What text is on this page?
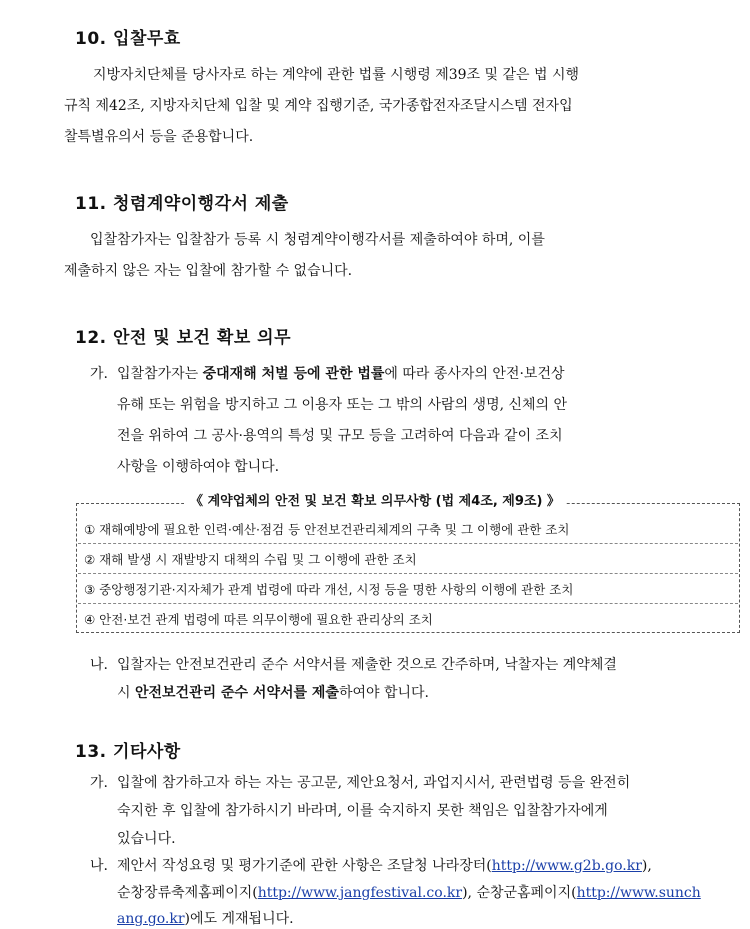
10. 입찰무효
지방자치단체를 당사자로 하는 계약에 관한 법률 시행령 제39조 및 같은 법 시행
규칙 제42조, 지방자치단체 입찰 및 계약 집행기준, 국가종합전자조달시스템 전자입
찰특별유의서 등을 준용합니다.
11. 청렴계약이행각서 제출
입찰참가자는 입찰참가 등록 시 청렴계약이행각서를 제출하여야 하며, 이를
제출하지 않은 자는 입찰에 참가할 수 없습니다.
12. 안전 및 보건 확보 의무
가. 입찰참가자는 중대재해 처벌 등에 관한 법률에 따라 종사자의 안전·보건상
유해 또는 위험을 방지하고 그 이용자 또는 그 밖의 사람의 생명, 신체의 안
전을 위하여 그 공사·용역의 특성 및 규모 등을 고려하여 다음과 같이 조치
사항을 이행하여야 합니다.
《 계약업체의 안전 및 보건 확보 의무사항 (법 제4조, 제9조) 》
① 재해예방에 필요한 인력·예산·점검 등 안전보건관리체계의 구축 및 그 이행에 관한 조치
② 재해 발생 시 재발방지 대책의 수립 및 그 이행에 관한 조치
③ 중앙행정기관·지자체가 관계 법령에 따라 개선, 시정 등을 명한 사항의 이행에 관한 조치
④ 안전·보건 관계 법령에 따른 의무이행에 필요한 관리상의 조치
나. 입찰자는 안전보건관리 준수 서약서를 제출한 것으로 간주하며, 낙찰자는 계약체결
시 안전보건관리 준수 서약서를 제출하여야 합니다.
13. 기타사항
가. 입찰에 참가하고자 하는 자는 공고문, 제안요청서, 과업지시서, 관련법령 등을 완전히
숙지한 후 입찰에 참가하시기 바라며, 이를 숙지하지 못한 책임은 입찰참가자에게
있습니다.
나. 제안서 작성요령 및 평가기준에 관한 사항은 조달청 나라장터(http://www.g2b.go.kr),
순창장류축제홈페이지(http://www.jangfestival.co.kr), 순창군홈페이지(http://www.sunch
ang.go.kr)에도 게재됩니다.
